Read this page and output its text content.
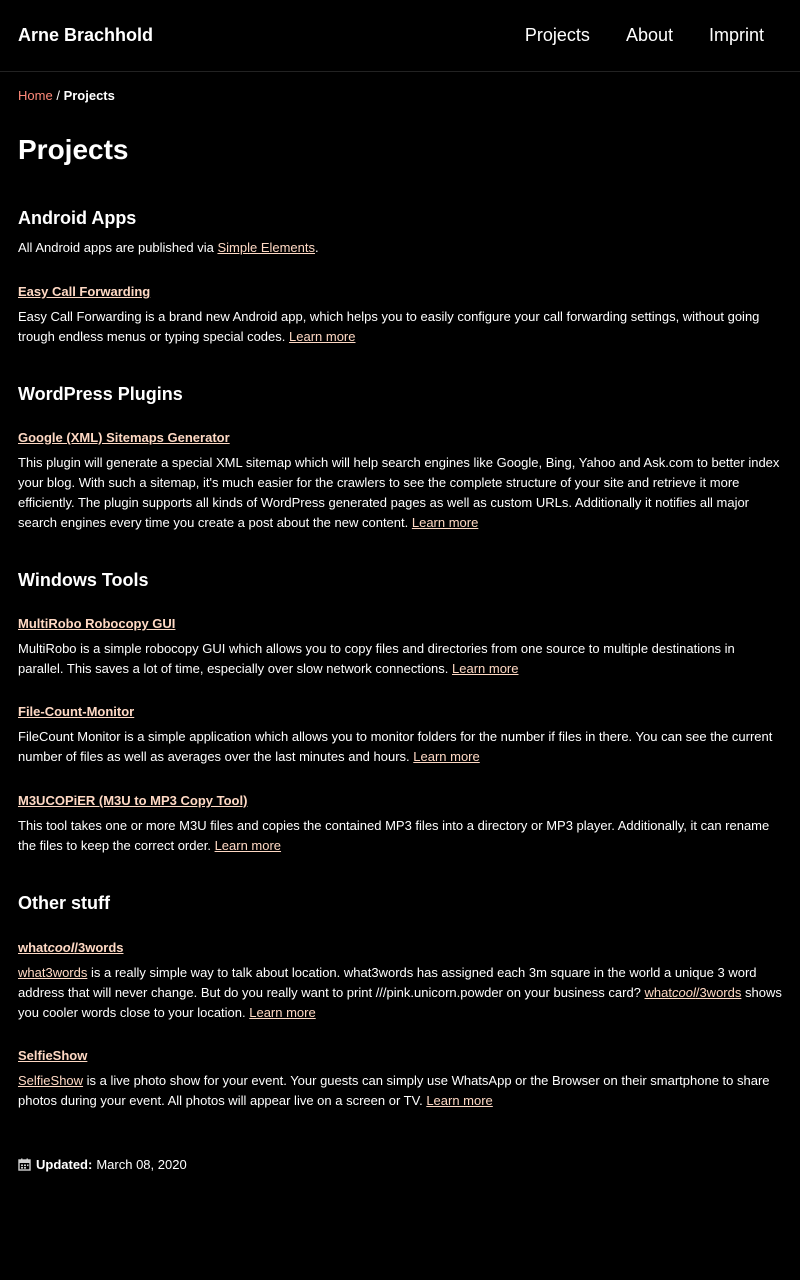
Arne Brachhold	Projects About Imprint
Home / Projects
Projects
Android Apps

All Android apps are published via Simple Elements.

Easy Call Forwarding

Easy Call Forwarding is a brand new Android app, which helps you to easily configure your call forwarding settings, without going trough endless menus or typing special codes. Learn more

WordPress Plugins
Google (XML) Sitemaps Generator

This plugin will generate a special XML sitemap which will help search engines like Google, Bing, Yahoo and Ask.com to better index your blog. With such a sitemap, it's much easier for the crawlers to see the complete structure of your site and retrieve it more efficiently. The plugin supports all kinds of WordPress generated pages as well as custom URLs. Additionally it notifies all major search engines every time you create a post about the new content. Learn more

Windows Tools
MultiRobo Robocopy GUI

MultiRobo is a simple robocopy GUI which allows you to copy files and directories from one source to multiple destinations in parallel. This saves a lot of time, especially over slow network connections. Learn more

File-Count-Monitor

FileCount Monitor is a simple application which allows you to monitor folders for the number if files in there. You can see the current number of files as well as averages over the last minutes and hours. Learn more

M3UCOPiER (M3U to MP3 Copy Tool)

This tool takes one or more M3U files and copies the contained MP3 files into a directory or MP3 player. Additionally, it can rename the files to keep the correct order. Learn more

Other stuff
whatcool/3words

what3words is a really simple way to talk about location. what3words has assigned each 3m square in the world a unique 3 word address that will never change. But do you really want to print ///pink.unicorn.powder on your business card? whatcool/3words shows you cooler words close to your location. Learn more

SelfieShow

SelfieShow is a live photo show for your event. Your guests can simply use WhatsApp or the Browser on their smartphone to share photos during your event. All photos will appear live on a screen or TV. Learn more

Updated: March 08, 2020
